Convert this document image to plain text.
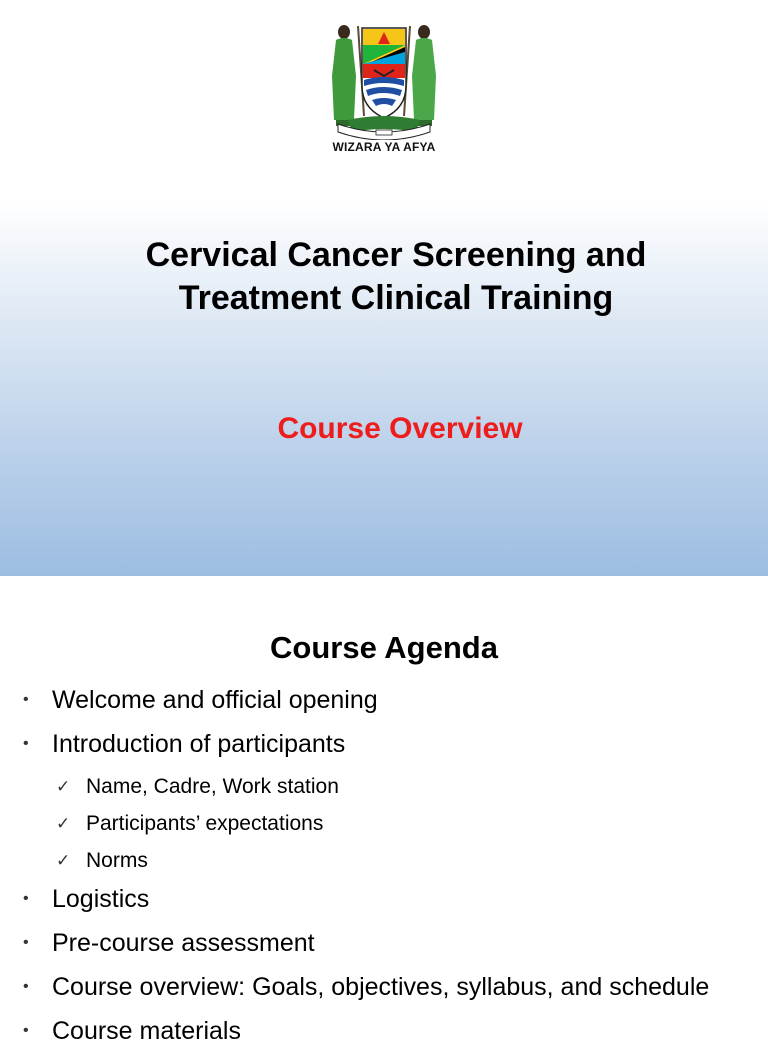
WIZARA YA AFYA
Cervical Cancer Screening and
Treatment Clinical Training
Course Overview
Course Agenda
• Welcome and official opening
• Introduction of participants
✓ Name, Cadre, Work station
✓ Participants’ expectations
✓ Norms
• Logistics
• Pre-course assessment
• Course overview: Goals, objectives, syllabus, and schedule
• Course materials
